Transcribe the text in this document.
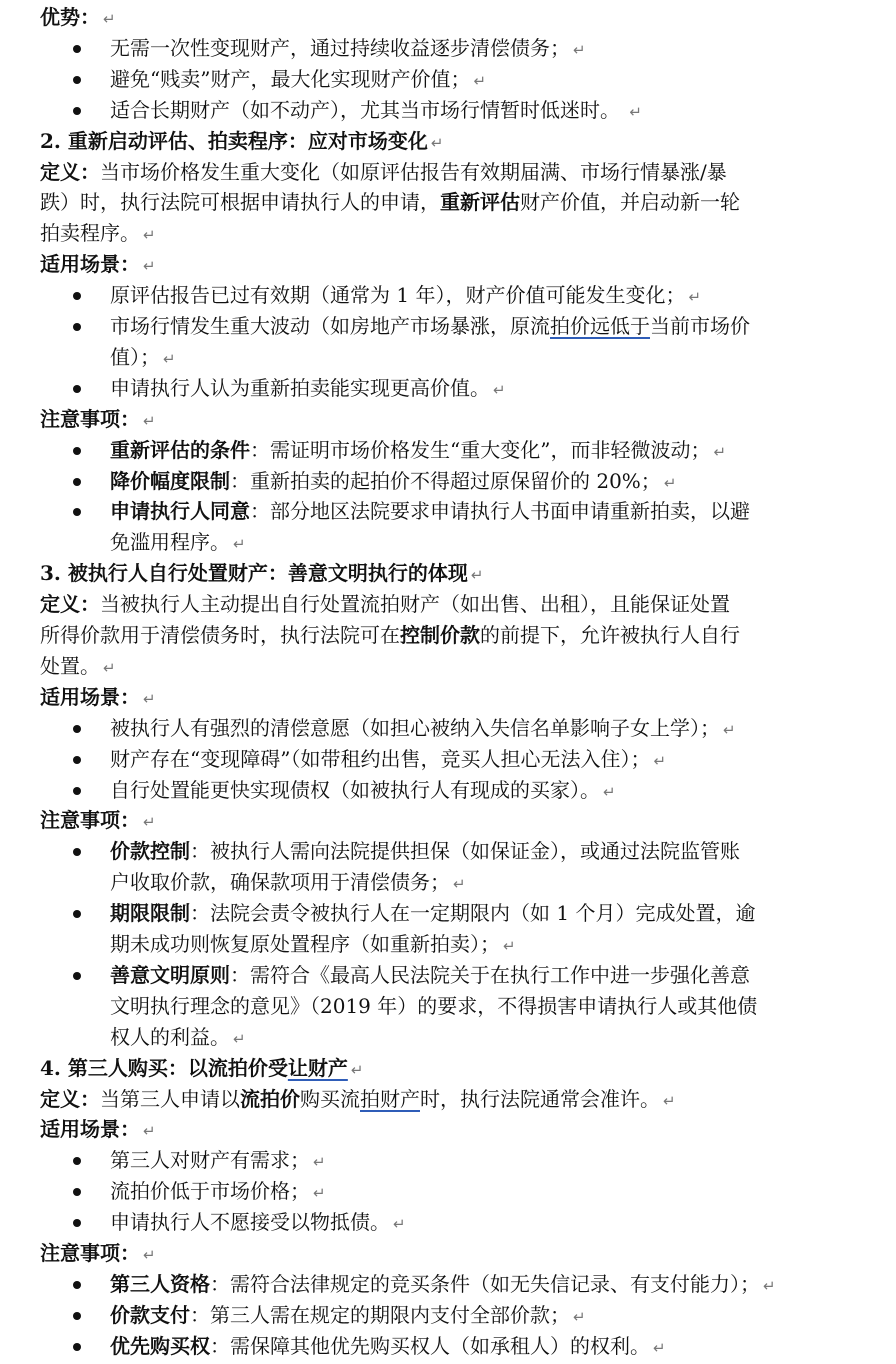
优势： ↵
无需一次性变现财产，通过持续收益逐步清偿债务； ↵
避免“贱卖”财产，最大化实现财产价值； ↵
适合长期财产（如不动产），尤其当市场行情暂时低迷时。 ↵
2. 重新启动评估、拍卖程序：应对市场变化 ↵
定义：当市场价格发生重大变化（如原评估报告有效期届满、市场行情暴涨/暴
跌）时，执行法院可根据申请执行人的申请，重新评估财产价值，并启动新一轮
拍卖程序。 ↵
适用场景： ↵
原评估报告已过有效期（通常为 1 年），财产价值可能发生变化； ↵
市场行情发生重大波动（如房地产市场暴涨，原流拍价远低于当前市场价
值）； ↵
申请执行人认为重新拍卖能实现更高价值。 ↵
注意事项： ↵
重新评估的条件：需证明市场价格发生“重大变化”，而非轻微波动； ↵
降价幅度限制：重新拍卖的起拍价不得超过原保留价的 20%； ↵
申请执行人同意：部分地区法院要求申请执行人书面申请重新拍卖，以避
免滥用程序。 ↵
3. 被执行人自行处置财产：善意文明执行的体现 ↵
定义：当被执行人主动提出自行处置流拍财产（如出售、出租），且能保证处置
所得价款用于清偿债务时，执行法院可在控制价款的前提下，允许被执行人自行
处置。 ↵
适用场景： ↵
被执行人有强烈的清偿意愿（如担心被纳入失信名单影响子女上学）； ↵
财产存在“变现障碍”（如带租约出售，竞买人担心无法入住）； ↵
自行处置能更快实现债权（如被执行人有现成的买家）。 ↵
注意事项： ↵
价款控制：被执行人需向法院提供担保（如保证金），或通过法院监管账
户收取价款，确保款项用于清偿债务； ↵
期限限制：法院会责令被执行人在一定期限内（如 1 个月）完成处置，逾
期未成功则恢复原处置程序（如重新拍卖）； ↵
善意文明原则：需符合《最高人民法院关于在执行工作中进一步强化善意
文明执行理念的意见》（2019 年）的要求，不得损害申请执行人或其他债
权人的利益。 ↵
4. 第三人购买：以流拍价受让财产 ↵
定义：当第三人申请以流拍价购买流拍财产时，执行法院通常会准许。 ↵
适用场景： ↵
第三人对财产有需求； ↵
流拍价低于市场价格； ↵
申请执行人不愿接受以物抵债。 ↵
注意事项： ↵
第三人资格：需符合法律规定的竞买条件（如无失信记录、有支付能力）； ↵
价款支付：第三人需在规定的期限内支付全部价款； ↵
优先购买权：需保障其他优先购买权人（如承租人）的权利。 ↵
